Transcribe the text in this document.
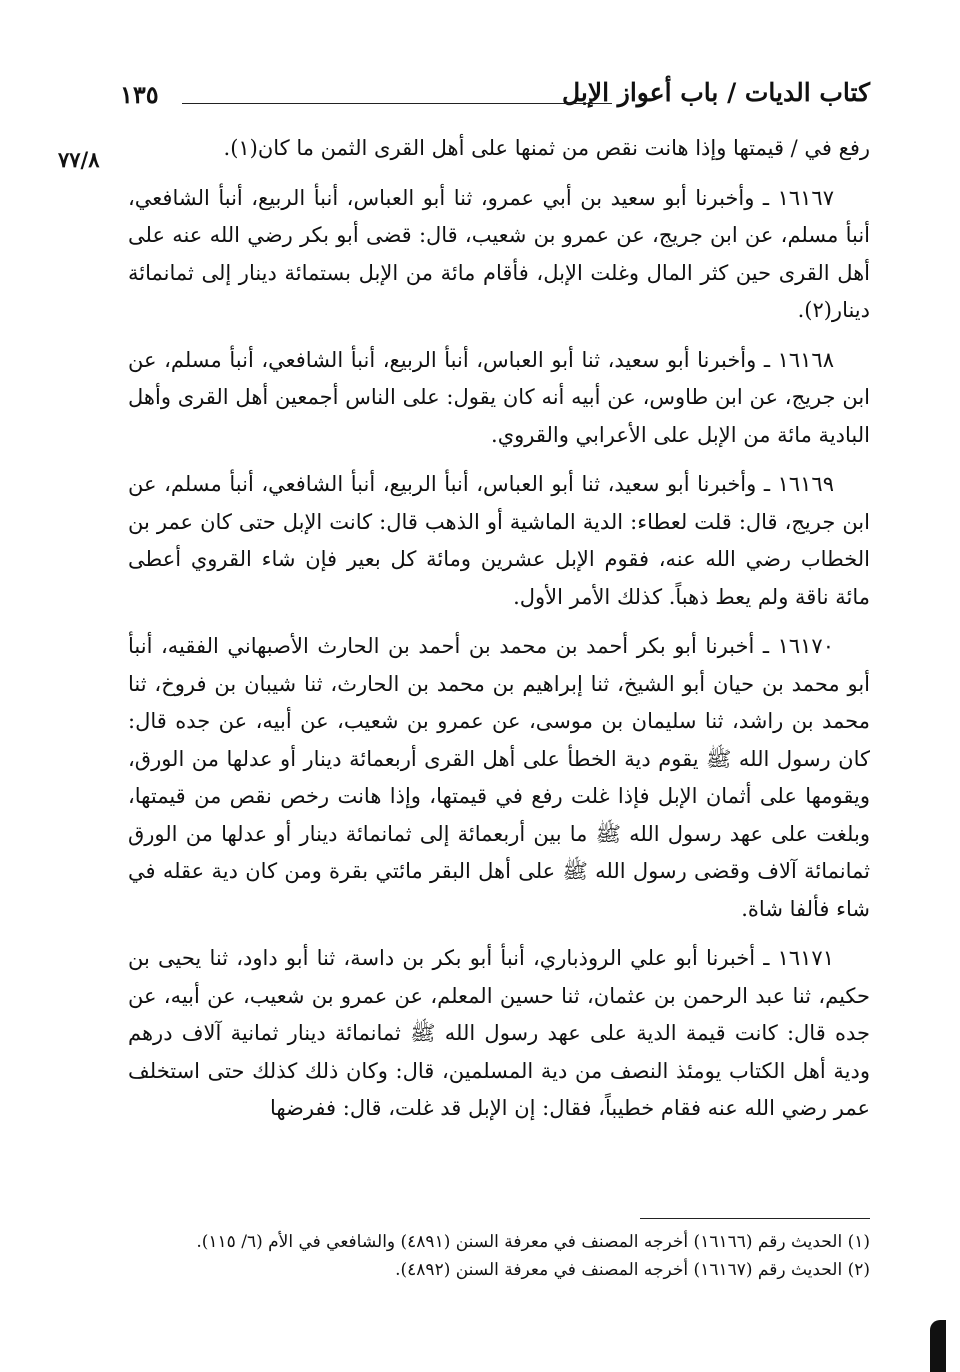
كتاب الديات / باب أعواز الإبل
١٣٥
٧٧/٨	رفع في / قيمتها وإذا هانت نقص من ثمنها على أهل القرى الثمن ما كان(١).

١٦١٦٧ ـ وأخبرنا أبو سعيد بن أبي عمرو، ثنا أبو العباس، أنبأ الربيع، أنبأ الشافعي، أنبأ مسلم، عن ابن جريج، عن عمرو بن شعيب، قال: قضى أبو بكر رضي الله عنه على أهل القرى حين كثر المال وغلت الإبل، فأقام مائة من الإبل بستمائة دينار إلى ثمانمائة دينار(٢).

١٦١٦٨ ـ وأخبرنا أبو سعيد، ثنا أبو العباس، أنبأ الربيع، أنبأ الشافعي، أنبأ مسلم، عن ابن جريج، عن ابن طاوس، عن أبيه أنه كان يقول: على الناس أجمعين أهل القرى وأهل البادية مائة من الإبل على الأعرابي والقروي.

١٦١٦٩ ـ وأخبرنا أبو سعيد، ثنا أبو العباس، أنبأ الربيع، أنبأ الشافعي، أنبأ مسلم، عن ابن جريج، قال: قلت لعطاء: الدية الماشية أو الذهب قال: كانت الإبل حتى كان عمر بن الخطاب رضي الله عنه، فقوم الإبل عشرين ومائة كل بعير فإن شاء القروي أعطى مائة ناقة ولم يعط ذهباً. كذلك الأمر الأول.

١٦١٧٠ ـ أخبرنا أبو بكر أحمد بن محمد بن أحمد بن الحارث الأصبهاني الفقيه، أنبأ أبو محمد بن حيان أبو الشيخ، ثنا إبراهيم بن محمد بن الحارث، ثنا شيبان بن فروخ، ثنا محمد بن راشد، ثنا سليمان بن موسى، عن عمرو بن شعيب، عن أبيه، عن جده قال: كان رسول الله ﷺ يقوم دية الخطأ على أهل القرى أربعمائة دينار أو عدلها من الورق، ويقومها على أثمان الإبل فإذا غلت رفع في قيمتها، وإذا هانت رخص نقص من قيمتها، وبلغت على عهد رسول الله ﷺ ما بين أربعمائة إلى ثمانمائة دينار أو عدلها من الورق ثمانمائة آلاف وقضى رسول الله ﷺ على أهل البقر مائتي بقرة ومن كان دية عقله في شاء فألفا شاة.

١٦١٧١ ـ أخبرنا أبو علي الروذباري، أنبأ أبو بكر بن داسة، ثنا أبو داود، ثنا يحيى بن حكيم، ثنا عبد الرحمن بن عثمان، ثنا حسين المعلم، عن عمرو بن شعيب، عن أبيه، عن جده قال: كانت قيمة الدية على عهد رسول الله ﷺ ثمانمائة دينار ثمانية آلاف درهم ودية أهل الكتاب يومئذ النصف من دية المسلمين، قال: وكان ذلك كذلك حتى استخلف عمر رضي الله عنه فقام خطيباً، فقال: إن الإبل قد غلت، قال: ففرضها

(١) الحديث رقم (١٦١٦٦) أخرجه المصنف في معرفة السنن (٤٨٩١) والشافعي في الأم (٦/ ١١٥).

(٢) الحديث رقم (١٦١٦٧) أخرجه المصنف في معرفة السنن (٤٨٩٢).
